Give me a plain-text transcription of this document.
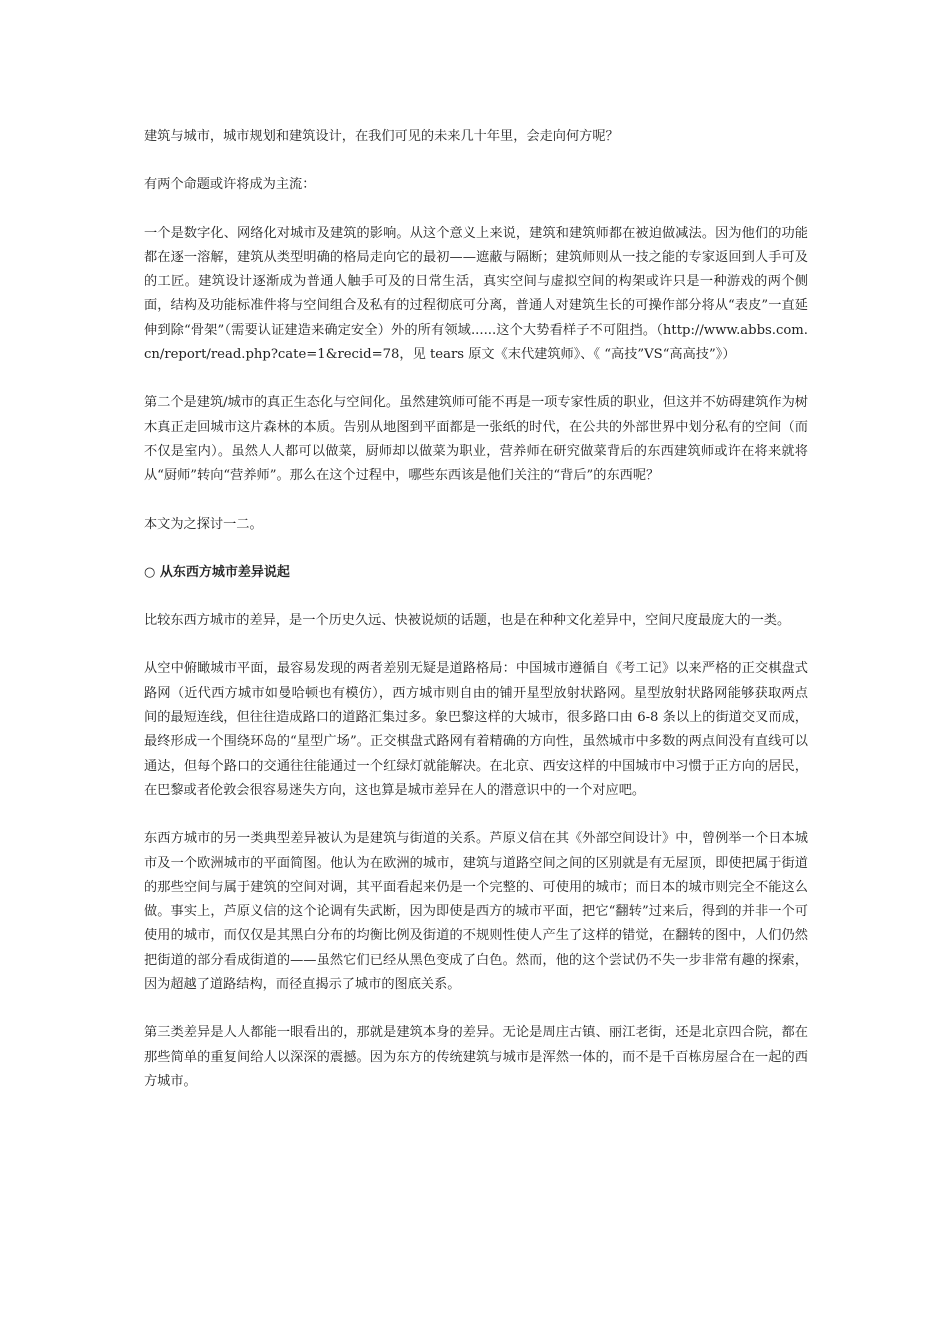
建筑与城市，城市规划和建筑设计，在我们可见的未来几十年里，会走向何方呢？

有两个命题或许将成为主流：

一个是数字化、网络化对城市及建筑的影响。从这个意义上来说，建筑和建筑师都在被迫做减法。因为他们的功能都在逐一溶解，建筑从类型明确的格局走向它的最初——遮蔽与隔断；建筑师则从一技之能的专家返回到人手可及的工匠。建筑设计逐渐成为普通人触手可及的日常生活，真实空间与虚拟空间的构架或许只是一种游戏的两个侧面，结构及功能标准件将与空间组合及私有的过程彻底可分离，普通人对建筑生长的可操作部分将从“表皮”一直延伸到除“骨架”（需要认证建造来确定安全）外的所有领域......这个大势看样子不可阻挡。（http://www.abbs.com.cn/report/read.php?cate=1&recid=78，见 tears 原文《末代建筑师》、《 “高技”VS“高高技”》）

第二个是建筑/城市的真正生态化与空间化。虽然建筑师可能不再是一项专家性质的职业，但这并不妨碍建筑作为树木真正走回城市这片森林的本质。告别从地图到平面都是一张纸的时代，在公共的外部世界中划分私有的空间（而不仅是室内）。虽然人人都可以做菜，厨师却以做菜为职业，营养师在研究做菜背后的东西建筑师或许在将来就将从“厨师”转向“营养师”。那么在这个过程中，哪些东西该是他们关注的“背后”的东西呢？

本文为之探讨一二。

○ 从东西方城市差异说起

比较东西方城市的差异，是一个历史久远、快被说烦的话题，也是在种种文化差异中，空间尺度最庞大的一类。

从空中俯瞰城市平面，最容易发现的两者差别无疑是道路格局：中国城市遵循自《考工记》以来严格的正交棋盘式路网（近代西方城市如曼哈顿也有模仿），西方城市则自由的铺开星型放射状路网。星型放射状路网能够获取两点间的最短连线，但往往造成路口的道路汇集过多。象巴黎这样的大城市，很多路口由 6-8 条以上的街道交叉而成，最终形成一个围绕环岛的“星型广场”。正交棋盘式路网有着精确的方向性，虽然城市中多数的两点间没有直线可以通达，但每个路口的交通往往能通过一个红绿灯就能解决。在北京、西安这样的中国城市中习惯于正方向的居民，在巴黎或者伦敦会很容易迷失方向，这也算是城市差异在人的潜意识中的一个对应吧。

东西方城市的另一类典型差异被认为是建筑与街道的关系。芦原义信在其《外部空间设计》中，曾例举一个日本城市及一个欧洲城市的平面简图。他认为在欧洲的城市，建筑与道路空间之间的区别就是有无屋顶，即使把属于街道的那些空间与属于建筑的空间对调，其平面看起来仍是一个完整的、可使用的城市；而日本的城市则完全不能这么做。事实上，芦原义信的这个论调有失武断，因为即使是西方的城市平面，把它“翻转”过来后，得到的并非一个可使用的城市，而仅仅是其黑白分布的均衡比例及街道的不规则性使人产生了这样的错觉，在翻转的图中，人们仍然把街道的部分看成街道的——虽然它们已经从黑色变成了白色。然而，他的这个尝试仍不失一步非常有趣的探索，因为超越了道路结构，而径直揭示了城市的图底关系。

第三类差异是人人都能一眼看出的，那就是建筑本身的差异。无论是周庄古镇、丽江老街，还是北京四合院，都在那些简单的重复间给人以深深的震撼。因为东方的传统建筑与城市是浑然一体的，而不是千百栋房屋合在一起的西方城市。
